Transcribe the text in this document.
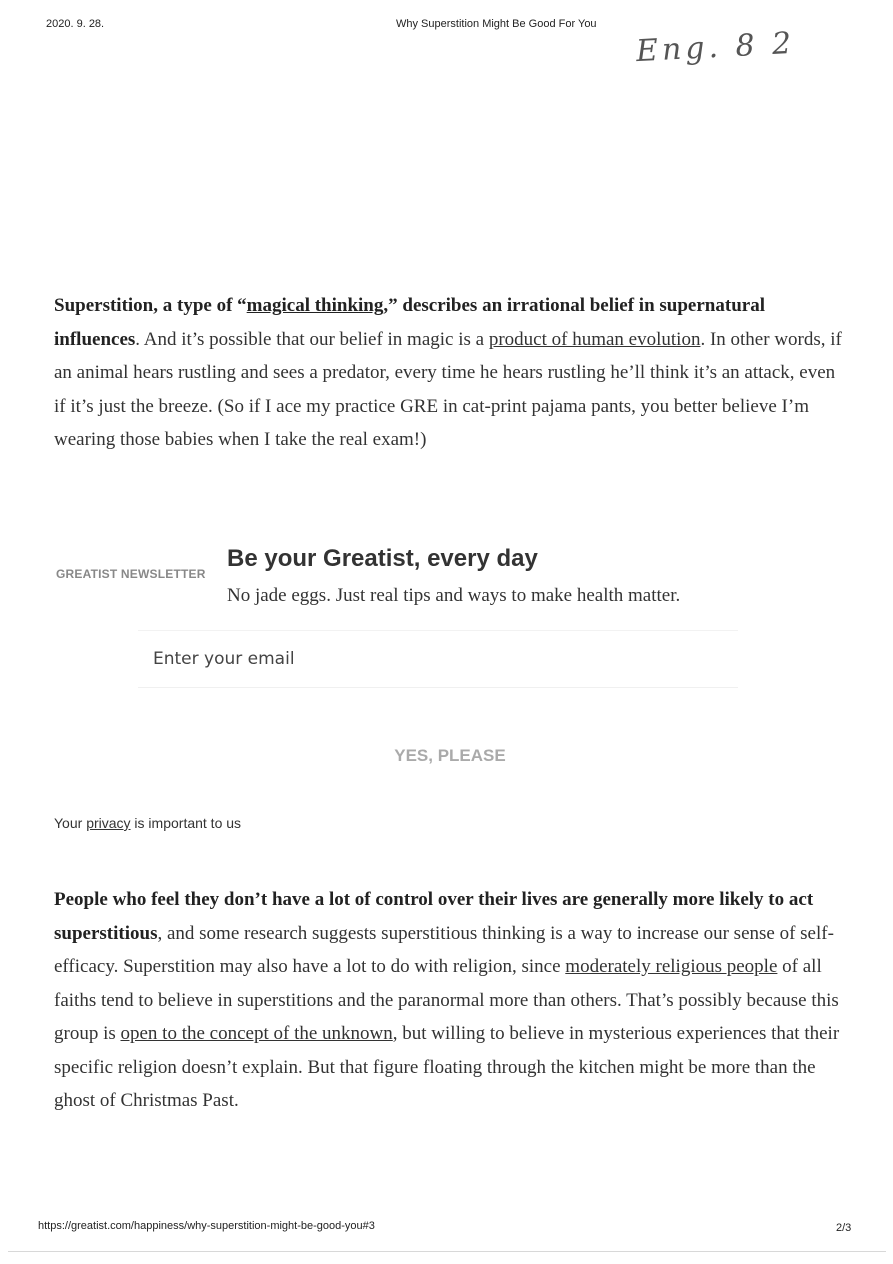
2020. 9. 28.	Why Superstition Might Be Good For You
Eng. 8 2
Superstition, a type of “magical thinking,” describes an irrational belief in supernatural influences. And it’s possible that our belief in magic is a product of human evolution. In other words, if an animal hears rustling and sees a predator, every time he hears rustling he’ll think it’s an attack, even if it’s just the breeze. (So if I ace my practice GRE in cat-print pajama pants, you better believe I’m wearing those babies when I take the real exam!)
GREATIST NEWSLETTER
Be your Greatist, every day
No jade eggs. Just real tips and ways to make health matter.
Enter your email
YES, PLEASE
Your privacy is important to us
People who feel they don’t have a lot of control over their lives are generally more likely to act superstitious, and some research suggests superstitious thinking is a way to increase our sense of self-efficacy. Superstition may also have a lot to do with religion, since moderately religious people of all faiths tend to believe in superstitions and the paranormal more than others. That’s possibly because this group is open to the concept of the unknown, but willing to believe in mysterious experiences that their specific religion doesn’t explain. But that figure floating through the kitchen might be more than the ghost of Christmas Past.
https://greatist.com/happiness/why-superstition-might-be-good-you#3	2/3
